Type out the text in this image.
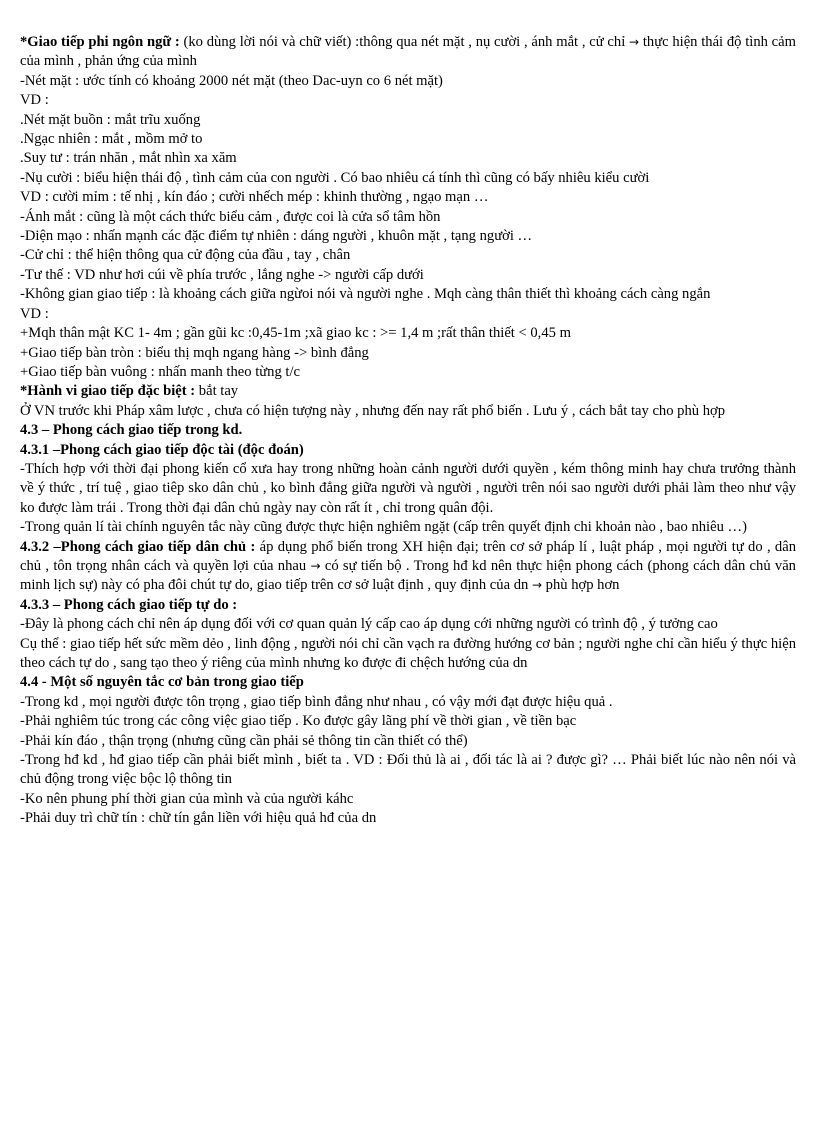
*Giao tiếp phi ngôn ngữ : (ko dùng lời nói và chữ viết) :thông qua nét mặt , nụ cười , ánh mắt , cử chỉ → thực hiện thái độ tình cảm của mình , phản ứng của mình

-Nét mặt : ước tính có khoảng 2000 nét mặt (theo Dac-uyn co 6 nét mặt)

VD :

.Nét mặt buồn : mắt trĩu xuống

.Ngạc nhiên : mắt , mồm mở to

.Suy tư : trán nhăn , mắt nhìn xa xăm

-Nụ cười : biểu hiện thái độ , tình cảm của con người . Có bao nhiêu cá tính thì cũng có bấy nhiêu kiểu cười

VD : cười mỉm : tế nhị , kín đáo ; cười nhếch mép : khinh thường , ngạo mạn …

-Ánh mắt : cũng là một cách thức biểu cảm , được coi là cửa sổ tâm hồn

-Diện mạo : nhấn mạnh các đặc điểm tự nhiên : dáng người , khuôn mặt , tạng người …

-Cử chỉ : thể hiện thông qua cử động của đầu , tay , chân

-Tư thế : VD như hơi cúi về phía trước , lắng nghe -> người cấp dưới

-Không gian giao tiếp : là khoảng cách giữa ngừoi nói và người nghe . Mqh càng thân thiết thì khoảng cách càng ngắn

VD :

+Mqh thân mật KC 1- 4m ; gần gũi kc :0,45-1m ;xã giao kc : >= 1,4 m ;rất thân thiết < 0,45 m

+Giao tiếp bàn tròn : biểu thị mqh ngang hàng -> bình đẳng

+Giao tiếp bàn vuông : nhấn manh theo từng t/c

*Hành vi giao tiếp đặc biệt : bắt tay

Ở VN trước khi Pháp xâm lược , chưa có hiện tượng này , nhưng đến nay rất phổ biến . Lưu ý , cách bắt tay cho phù hợp

4.3 – Phong cách giao tiếp trong kd.

4.3.1 –Phong cách giao tiếp độc tài (độc đoán)

-Thích hợp với thời đại phong kiến cổ xưa hay trong những hoàn cảnh người dưới quyền , kém thông minh hay chưa trưởng thành về ý thức , trí tuệ , giao tiêp sko dân chủ , ko bình đẳng giữa người và người , người trên nói sao người dưới phải làm theo như vậy ko được làm trái . Trong thời đại dân chủ ngày nay còn rất ít , chỉ trong quân đội.

-Trong quản lí tài chính nguyên tắc này cũng được thực hiện nghiêm ngặt (cấp trên quyết định chi khoản nào , bao nhiêu …)

4.3.2 –Phong cách giao tiếp dân chủ : áp dụng phổ biến trong XH hiện đại; trên cơ sở pháp lí , luật pháp , mọi người tự do , dân chủ , tôn trọng nhân cách và quyền lợi của nhau → có sự tiến bộ . Trong hđ kd nên thực hiện phong cách (phong cách dân chủ văn minh lịch sự) này có pha đôi chút tự do, giao tiếp trên cơ sở luật định , quy định của dn → phù hợp hơn

4.3.3 – Phong cách giao tiếp tự do :

-Đây là phong cách chỉ nên áp dụng đối với cơ quan quản lý cấp cao áp dụng cới những người có trình độ , ý tưởng cao

Cụ thể : giao tiếp hết sức mềm dẻo , linh động , người nói chỉ cần vạch ra đường hướng cơ bản ; người nghe chỉ cần hiểu ý thực hiện theo cách tự do , sang tạo theo ý riêng của mình nhưng ko được đi chệch hướng của dn

4.4 - Một số nguyên tắc cơ bản trong giao tiếp

-Trong kd , mọi người được tôn trọng , giao tiếp bình đẳng như nhau , có vậy mới đạt được hiệu quả .

-Phải nghiêm túc trong các công việc giao tiếp . Ko được gây lãng phí về thời gian , về tiền bạc

-Phải kín đáo , thận trọng (nhưng cũng cần phải sẻ thông tin cần thiết có thể)

-Trong hđ kd , hđ giao tiếp cần phải biết mình , biết ta . VD : Đối thủ là ai , đối tác là ai ? được gì? … Phải biết lúc nào nên nói và chủ động trong việc bộc lộ thông tin

-Ko nên phung phí thời gian của mình và của người káhc

-Phải duy trì chữ tín : chữ tín gắn liền với hiệu quả hđ của dn
